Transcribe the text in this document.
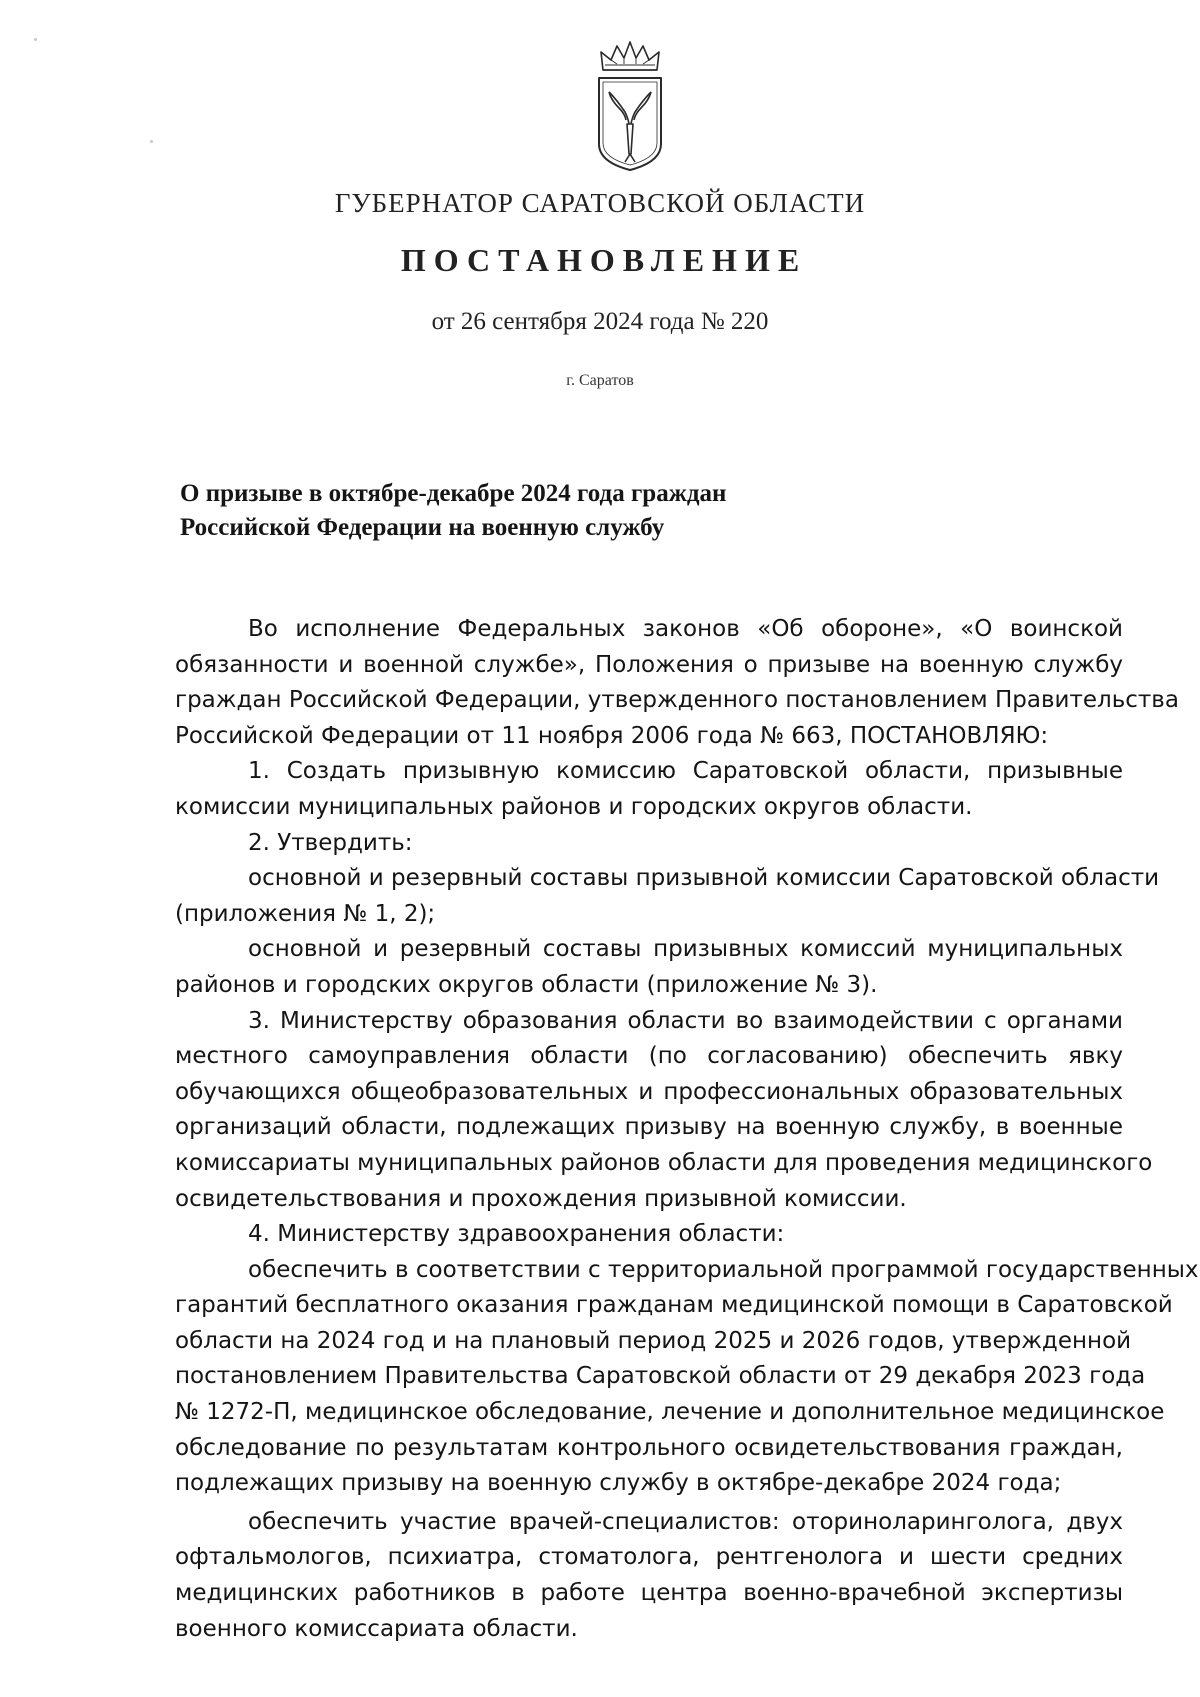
ГУБЕРНАТОР САРАТОВСКОЙ ОБЛАСТИ
ПОСТАНОВЛЕНИЕ
от 26 сентября 2024 года № 220
г. Саратов
О призыве в октябре-декабре 2024 года граждан
Российской Федерации на военную службу
Во исполнение Федеральных законов «Об обороне», «О воинской
обязанности и военной службе», Положения о призыве на военную службу
граждан Российской Федерации, утвержденного постановлением Правительства
Российской Федерации от 11 ноября 2006 года № 663, ПОСТАНОВЛЯЮ:
1. Создать призывную комиссию Саратовской области, призывные
комиссии муниципальных районов и городских округов области.
2. Утвердить:
основной и резервный составы призывной комиссии Саратовской области
(приложения № 1, 2);
основной и резервный составы призывных комиссий муниципальных
районов и городских округов области (приложение № 3).
3. Министерству образования области во взаимодействии с органами
местного самоуправления области (по согласованию) обеспечить явку
обучающихся общеобразовательных и профессиональных образовательных
организаций области, подлежащих призыву на военную службу, в военные
комиссариаты муниципальных районов области для проведения медицинского
освидетельствования и прохождения призывной комиссии.
4. Министерству здравоохранения области:
обеспечить в соответствии с территориальной программой государственных
гарантий бесплатного оказания гражданам медицинской помощи в Саратовской
области на 2024 год и на плановый период 2025 и 2026 годов, утвержденной
постановлением Правительства Саратовской области от 29 декабря 2023 года
№ 1272-П, медицинское обследование, лечение и дополнительное медицинское
обследование по результатам контрольного освидетельствования граждан,
подлежащих призыву на военную службу в октябре-декабре 2024 года;
обеспечить участие врачей-специалистов: оториноларинголога, двух
офтальмологов, психиатра, стоматолога, рентгенолога и шести средних
медицинских работников в работе центра военно-врачебной экспертизы
военного комиссариата области.
